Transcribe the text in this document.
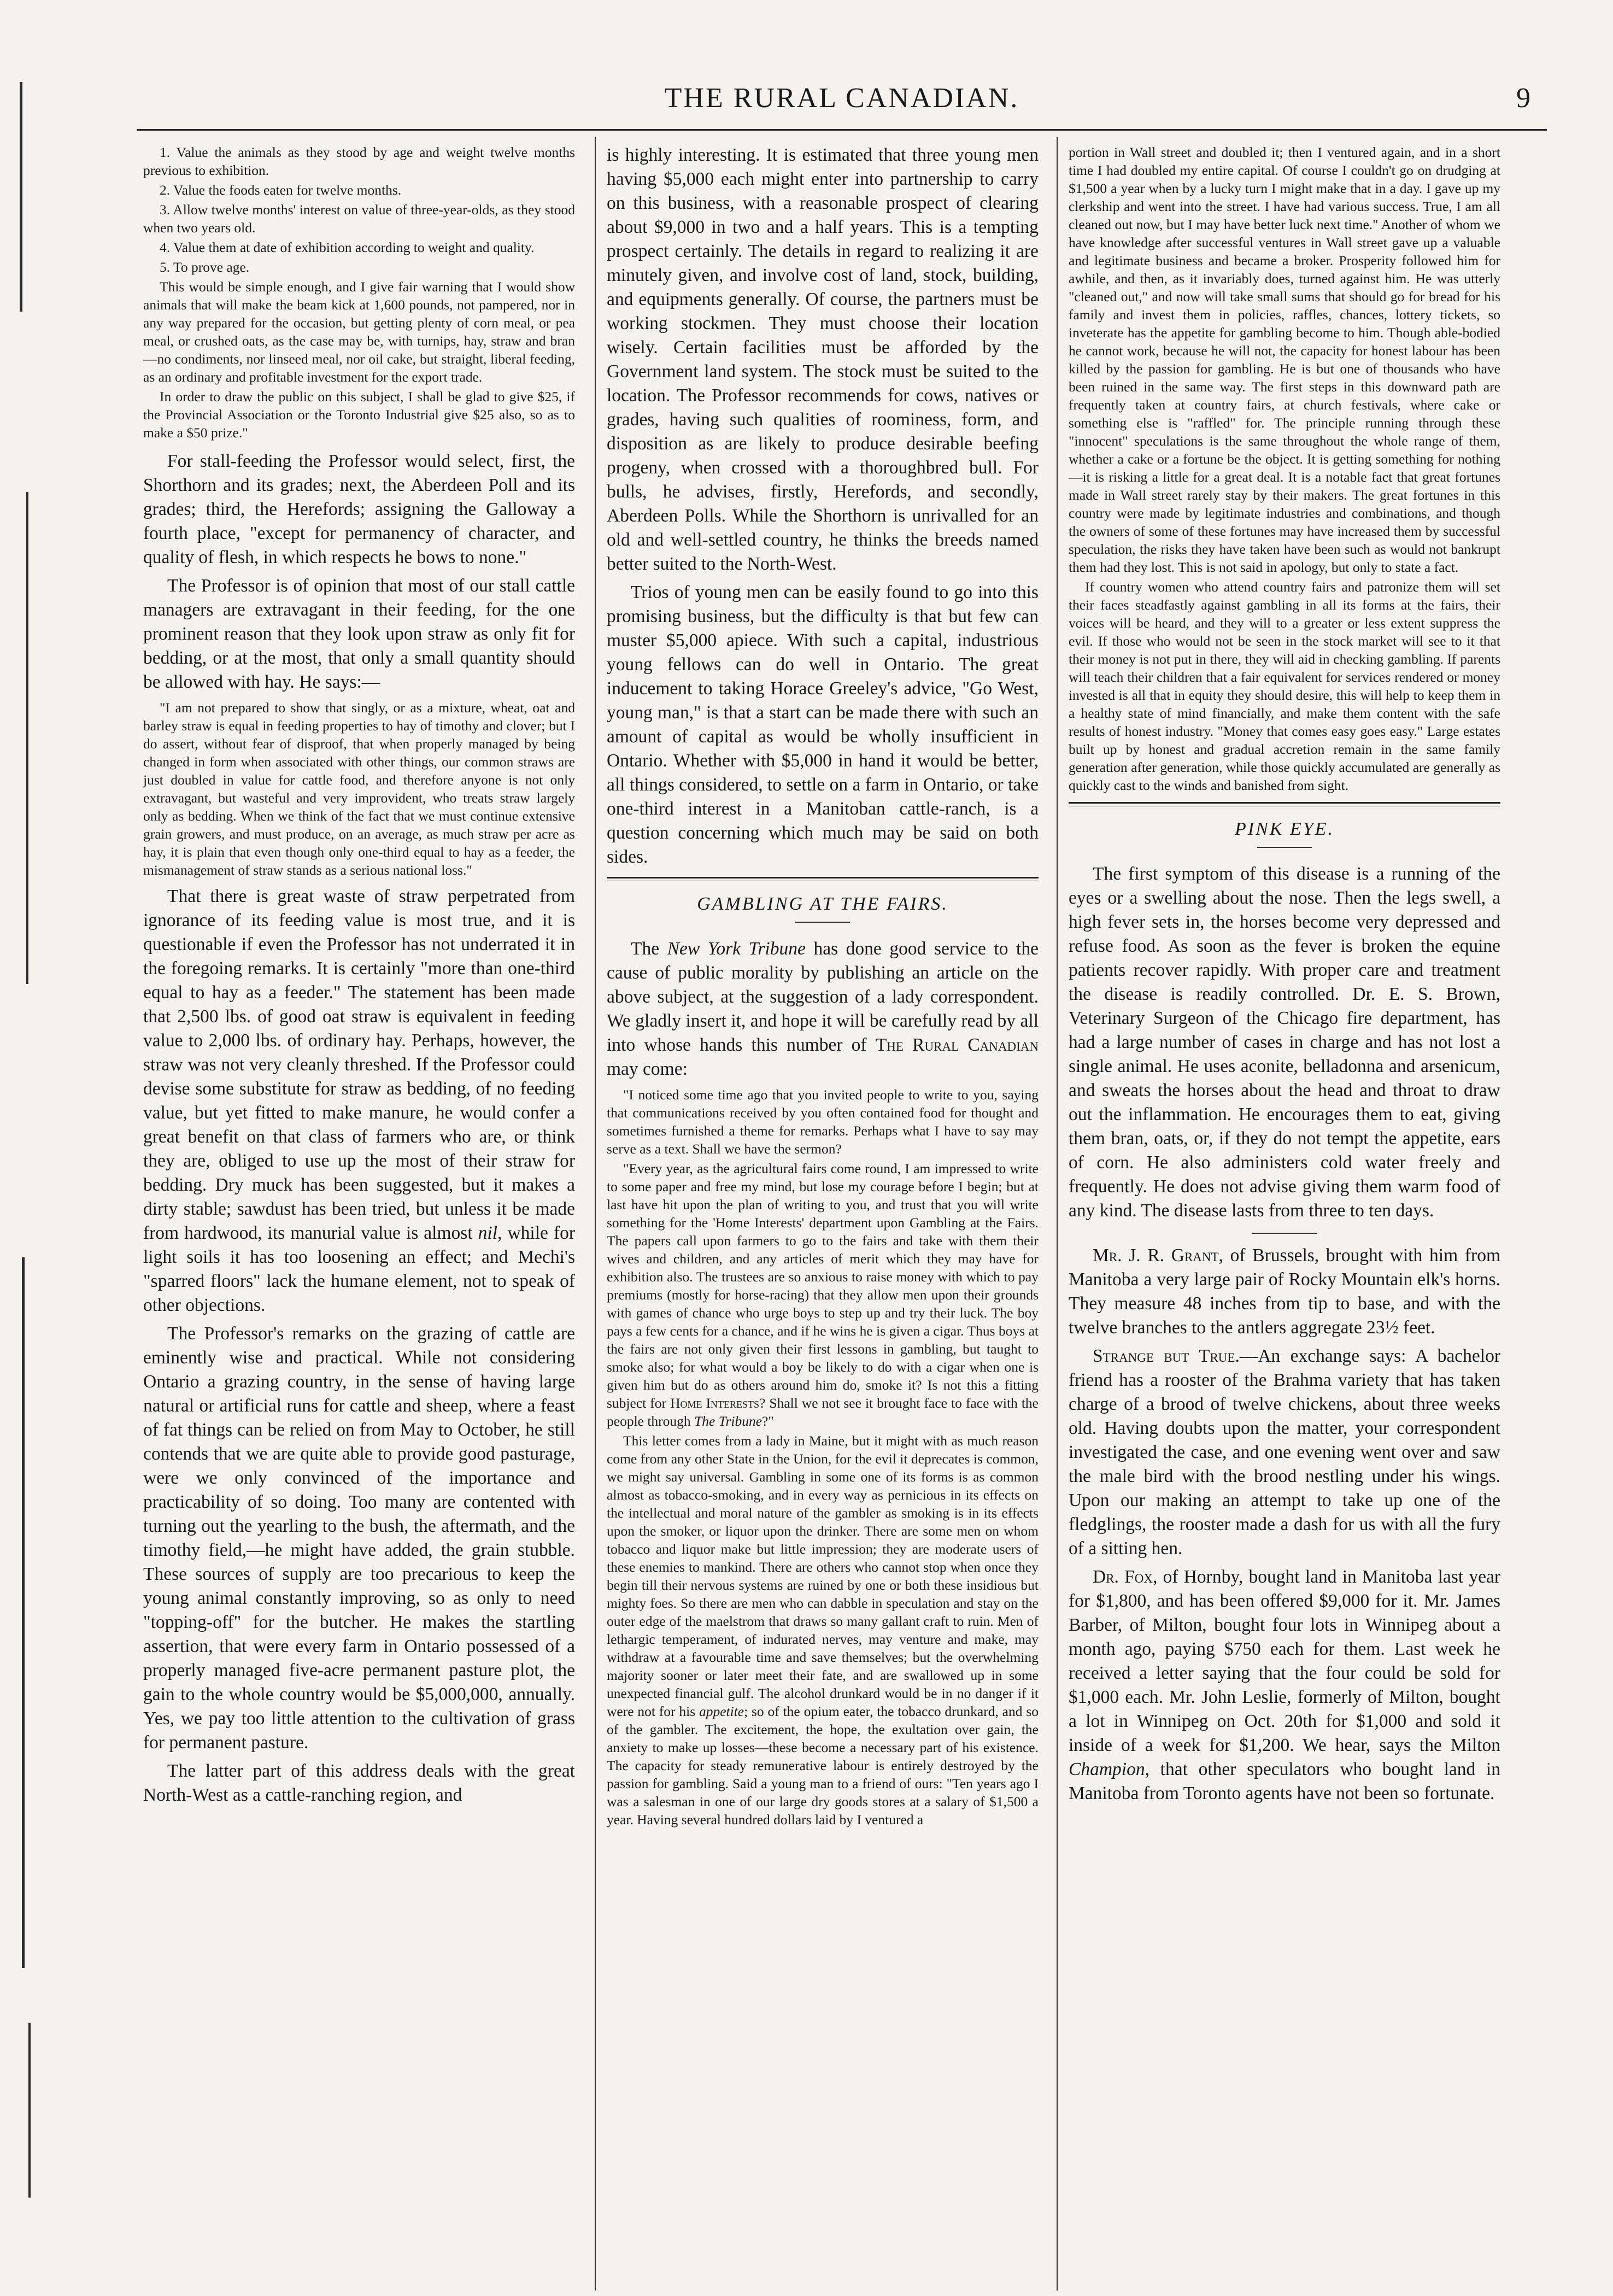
THE RURAL CANADIAN.	9

1. Value the animals as they stood by age and weight twelve months previous to exhibition.

2. Value the foods eaten for twelve months.

3. Allow twelve months' interest on value of three-year-olds, as they stood when two years old.

4. Value them at date of exhibition according to weight and quality.

5. To prove age.

This would be simple enough, and I give fair warning that I would show animals that will make the beam kick at 1,600 pounds, not pampered, nor in any way prepared for the occasion, but getting plenty of corn meal, or pea meal, or crushed oats, as the case may be, with turnips, hay, straw and bran—no condiments, nor linseed meal, nor oil cake, but straight, liberal feeding, as an ordinary and profitable investment for the export trade.

In order to draw the public on this subject, I shall be glad to give $25, if the Provincial Association or the Toronto Industrial give $25 also, so as to make a $50 prize."

For stall-feeding the Professor would select, first, the Shorthorn and its grades; next, the Aberdeen Poll and its grades; third, the Herefords; assigning the Galloway a fourth place, "except for permanency of character, and quality of flesh, in which respects he bows to none."

The Professor is of opinion that most of our stall cattle managers are extravagant in their feeding, for the one prominent reason that they look upon straw as only fit for bedding, or at the most, that only a small quantity should be allowed with hay. He says:—

"I am not prepared to show that singly, or as a mixture, wheat, oat and barley straw is equal in feeding properties to hay of timothy and clover; but I do assert, without fear of disproof, that when properly managed by being changed in form when associated with other things, our common straws are just doubled in value for cattle food, and therefore anyone is not only extravagant, but wasteful and very improvident, who treats straw largely only as bedding. When we think of the fact that we must continue extensive grain growers, and must produce, on an average, as much straw per acre as hay, it is plain that even though only one-third equal to hay as a feeder, the mismanagement of straw stands as a serious national loss."

That there is great waste of straw perpetrated from ignorance of its feeding value is most true, and it is questionable if even the Professor has not underrated it in the foregoing remarks. It is certainly "more than one-third equal to hay as a feeder." The statement has been made that 2,500 lbs. of good oat straw is equivalent in feeding value to 2,000 lbs. of ordinary hay. Perhaps, however, the straw was not very cleanly threshed. If the Professor could devise some substitute for straw as bedding, of no feeding value, but yet fitted to make manure, he would confer a great benefit on that class of farmers who are, or think they are, obliged to use up the most of their straw for bedding. Dry muck has been suggested, but it makes a dirty stable; sawdust has been tried, but unless it be made from hardwood, its manurial value is almost nil, while for light soils it has too loosening an effect; and Mechi's "sparred floors" lack the humane element, not to speak of other objections.

The Professor's remarks on the grazing of cattle are eminently wise and practical. While not considering Ontario a grazing country, in the sense of having large natural or artificial runs for cattle and sheep, where a feast of fat things can be relied on from May to October, he still contends that we are quite able to provide good pasturage, were we only convinced of the importance and practicability of so doing. Too many are contented with turning out the yearling to the bush, the aftermath, and the timothy field,—he might have added, the grain stubble. These sources of supply are too precarious to keep the young animal constantly improving, so as only to need "topping-off" for the butcher. He makes the startling assertion, that were every farm in Ontario possessed of a properly managed five-acre permanent pasture plot, the gain to the whole country would be $5,000,000, annually. Yes, we pay too little attention to the cultivation of grass for permanent pasture.

The latter part of this address deals with the great North-West as a cattle-ranching region, and

is highly interesting. It is estimated that three young men having $5,000 each might enter into partnership to carry on this business, with a reasonable prospect of clearing about $9,000 in two and a half years. This is a tempting prospect certainly. The details in regard to realizing it are minutely given, and involve cost of land, stock, building, and equipments generally. Of course, the partners must be working stockmen. They must choose their location wisely. Certain facilities must be afforded by the Government land system. The stock must be suited to the location. The Professor recommends for cows, natives or grades, having such qualities of roominess, form, and disposition as are likely to produce desirable beefing progeny, when crossed with a thoroughbred bull. For bulls, he advises, firstly, Herefords, and secondly, Aberdeen Polls. While the Shorthorn is unrivalled for an old and well-settled country, he thinks the breeds named better suited to the North-West.

Trios of young men can be easily found to go into this promising business, but the difficulty is that but few can muster $5,000 apiece. With such a capital, industrious young fellows can do well in Ontario. The great inducement to taking Horace Greeley's advice, "Go West, young man," is that a start can be made there with such an amount of capital as would be wholly insufficient in Ontario. Whether with $5,000 in hand it would be better, all things considered, to settle on a farm in Ontario, or take one-third interest in a Manitoban cattle-ranch, is a question concerning which much may be said on both sides.

GAMBLING AT THE FAIRS.

The New York Tribune has done good service to the cause of public morality by publishing an article on the above subject, at the suggestion of a lady correspondent. We gladly insert it, and hope it will be carefully read by all into whose hands this number of The Rural Canadian may come:

"I noticed some time ago that you invited people to write to you, saying that communications received by you often contained food for thought and sometimes furnished a theme for remarks. Perhaps what I have to say may serve as a text. Shall we have the sermon?

"Every year, as the agricultural fairs come round, I am impressed to write to some paper and free my mind, but lose my courage before I begin; but at last have hit upon the plan of writing to you, and trust that you will write something for the 'Home Interests' department upon Gambling at the Fairs. The papers call upon farmers to go to the fairs and take with them their wives and children, and any articles of merit which they may have for exhibition also. The trustees are so anxious to raise money with which to pay premiums (mostly for horse-racing) that they allow men upon their grounds with games of chance who urge boys to step up and try their luck. The boy pays a few cents for a chance, and if he wins he is given a cigar. Thus boys at the fairs are not only given their first lessons in gambling, but taught to smoke also; for what would a boy be likely to do with a cigar when one is given him but do as others around him do, smoke it? Is not this a fitting subject for Home Interests? Shall we not see it brought face to face with the people through The Tribune?"

This letter comes from a lady in Maine, but it might with as much reason come from any other State in the Union, for the evil it deprecates is common, we might say universal. Gambling in some one of its forms is as common almost as tobacco-smoking, and in every way as pernicious in its effects on the intellectual and moral nature of the gambler as smoking is in its effects upon the smoker, or liquor upon the drinker. There are some men on whom tobacco and liquor make but little impression; they are moderate users of these enemies to mankind. There are others who cannot stop when once they begin till their nervous systems are ruined by one or both these insidious but mighty foes. So there are men who can dabble in speculation and stay on the outer edge of the maelstrom that draws so many gallant craft to ruin. Men of lethargic temperament, of indurated nerves, may venture and make, may withdraw at a favourable time and save themselves; but the overwhelming majority sooner or later meet their fate, and are swallowed up in some unexpected financial gulf. The alcohol drunkard would be in no danger if it were not for his appetite; so of the opium eater, the tobacco drunkard, and so of the gambler. The excitement, the hope, the exultation over gain, the anxiety to make up losses—these become a necessary part of his existence. The capacity for steady remunerative labour is entirely destroyed by the passion for gambling. Said a young man to a friend of ours: "Ten years ago I was a salesman in one of our large dry goods stores at a salary of $1,500 a year. Having several hundred dollars laid by I ventured a

portion in Wall street and doubled it; then I ventured again, and in a short time I had doubled my entire capital. Of course I couldn't go on drudging at $1,500 a year when by a lucky turn I might make that in a day. I gave up my clerkship and went into the street. I have had various success. True, I am all cleaned out now, but I may have better luck next time." Another of whom we have knowledge after successful ventures in Wall street gave up a valuable and legitimate business and became a broker. Prosperity followed him for awhile, and then, as it invariably does, turned against him. He was utterly "cleaned out," and now will take small sums that should go for bread for his family and invest them in policies, raffles, chances, lottery tickets, so inveterate has the appetite for gambling become to him. Though able-bodied he cannot work, because he will not, the capacity for honest labour has been killed by the passion for gambling. He is but one of thousands who have been ruined in the same way. The first steps in this downward path are frequently taken at country fairs, at church festivals, where cake or something else is "raffled" for. The principle running through these "innocent" speculations is the same throughout the whole range of them, whether a cake or a fortune be the object. It is getting something for nothing—it is risking a little for a great deal. It is a notable fact that great fortunes made in Wall street rarely stay by their makers. The great fortunes in this country were made by legitimate industries and combinations, and though the owners of some of these fortunes may have increased them by successful speculation, the risks they have taken have been such as would not bankrupt them had they lost. This is not said in apology, but only to state a fact.

If country women who attend country fairs and patronize them will set their faces steadfastly against gambling in all its forms at the fairs, their voices will be heard, and they will to a greater or less extent suppress the evil. If those who would not be seen in the stock market will see to it that their money is not put in there, they will aid in checking gambling. If parents will teach their children that a fair equivalent for services rendered or money invested is all that in equity they should desire, this will help to keep them in a healthy state of mind financially, and make them content with the safe results of honest industry. "Money that comes easy goes easy." Large estates built up by honest and gradual accretion remain in the same family generation after generation, while those quickly accumulated are generally as quickly cast to the winds and banished from sight.

PINK EYE.

The first symptom of this disease is a running of the eyes or a swelling about the nose. Then the legs swell, a high fever sets in, the horses become very depressed and refuse food. As soon as the fever is broken the equine patients recover rapidly. With proper care and treatment the disease is readily controlled. Dr. E. S. Brown, Veterinary Surgeon of the Chicago fire department, has had a large number of cases in charge and has not lost a single animal. He uses aconite, belladonna and arsenicum, and sweats the horses about the head and throat to draw out the inflammation. He encourages them to eat, giving them bran, oats, or, if they do not tempt the appetite, ears of corn. He also administers cold water freely and frequently. He does not advise giving them warm food of any kind. The disease lasts from three to ten days.

Mr. J. R. Grant, of Brussels, brought with him from Manitoba a very large pair of Rocky Mountain elk's horns. They measure 48 inches from tip to base, and with the twelve branches to the antlers aggregate 23½ feet.

Strange but True.—An exchange says: A bachelor friend has a rooster of the Brahma variety that has taken charge of a brood of twelve chickens, about three weeks old. Having doubts upon the matter, your correspondent investigated the case, and one evening went over and saw the male bird with the brood nestling under his wings. Upon our making an attempt to take up one of the fledglings, the rooster made a dash for us with all the fury of a sitting hen.

Dr. Fox, of Hornby, bought land in Manitoba last year for $1,800, and has been offered $9,000 for it. Mr. James Barber, of Milton, bought four lots in Winnipeg about a month ago, paying $750 each for them. Last week he received a letter saying that the four could be sold for $1,000 each. Mr. John Leslie, formerly of Milton, bought a lot in Winnipeg on Oct. 20th for $1,000 and sold it inside of a week for $1,200. We hear, says the Milton Champion, that other speculators who bought land in Manitoba from Toronto agents have not been so fortunate.
